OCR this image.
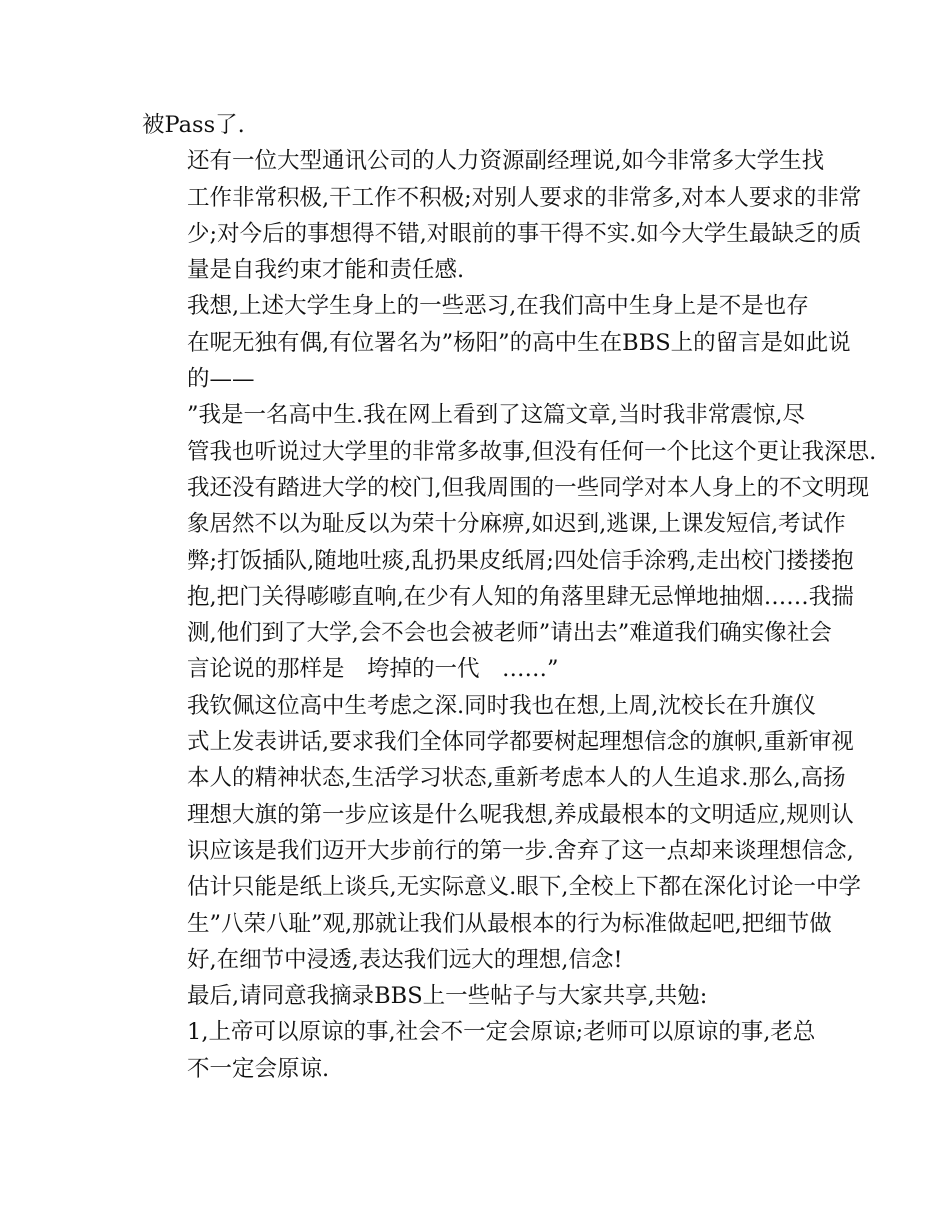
被Pass了.

还有一位大型通讯公司的人力资源副经理说,如今非常多大学生找
工作非常积极,干工作不积极;对别人要求的非常多,对本人要求的非常
少;对今后的事想得不错,对眼前的事干得不实.如今大学生最缺乏的质
量是自我约束才能和责任感.

我想,上述大学生身上的一些恶习,在我们高中生身上是不是也存
在呢无独有偶,有位署名为”杨阳”的高中生在BBS上的留言是如此说
的——

”我是一名高中生.我在网上看到了这篇文章,当时我非常震惊,尽
管我也听说过大学里的非常多故事,但没有任何一个比这个更让我深思.
我还没有踏进大学的校门,但我周围的一些同学对本人身上的不文明现
象居然不以为耻反以为荣十分麻痹,如迟到,逃课,上课发短信,考试作
弊;打饭插队,随地吐痰,乱扔果皮纸屑;四处信手涂鸦,走出校门搂搂抱
抱,把门关得嘭嘭直响,在少有人知的角落里肆无忌惮地抽烟……我揣
测,他们到了大学,会不会也会被老师”请出去”难道我们确实像社会
言论说的那样是　垮掉的一代　……”

我钦佩这位高中生考虑之深.同时我也在想,上周,沈校长在升旗仪
式上发表讲话,要求我们全体同学都要树起理想信念的旗帜,重新审视
本人的精神状态,生活学习状态,重新考虑本人的人生追求.那么,高扬
理想大旗的第一步应该是什么呢我想,养成最根本的文明适应,规则认
识应该是我们迈开大步前行的第一步.舍弃了这一点却来谈理想信念,
估计只能是纸上谈兵,无实际意义.眼下,全校上下都在深化讨论一中学
生”八荣八耻”观,那就让我们从最根本的行为标准做起吧,把细节做
好,在细节中浸透,表达我们远大的理想,信念!

最后,请同意我摘录BBS上一些帖子与大家共享,共勉:

1,上帝可以原谅的事,社会不一定会原谅;老师可以原谅的事,老总
不一定会原谅.
